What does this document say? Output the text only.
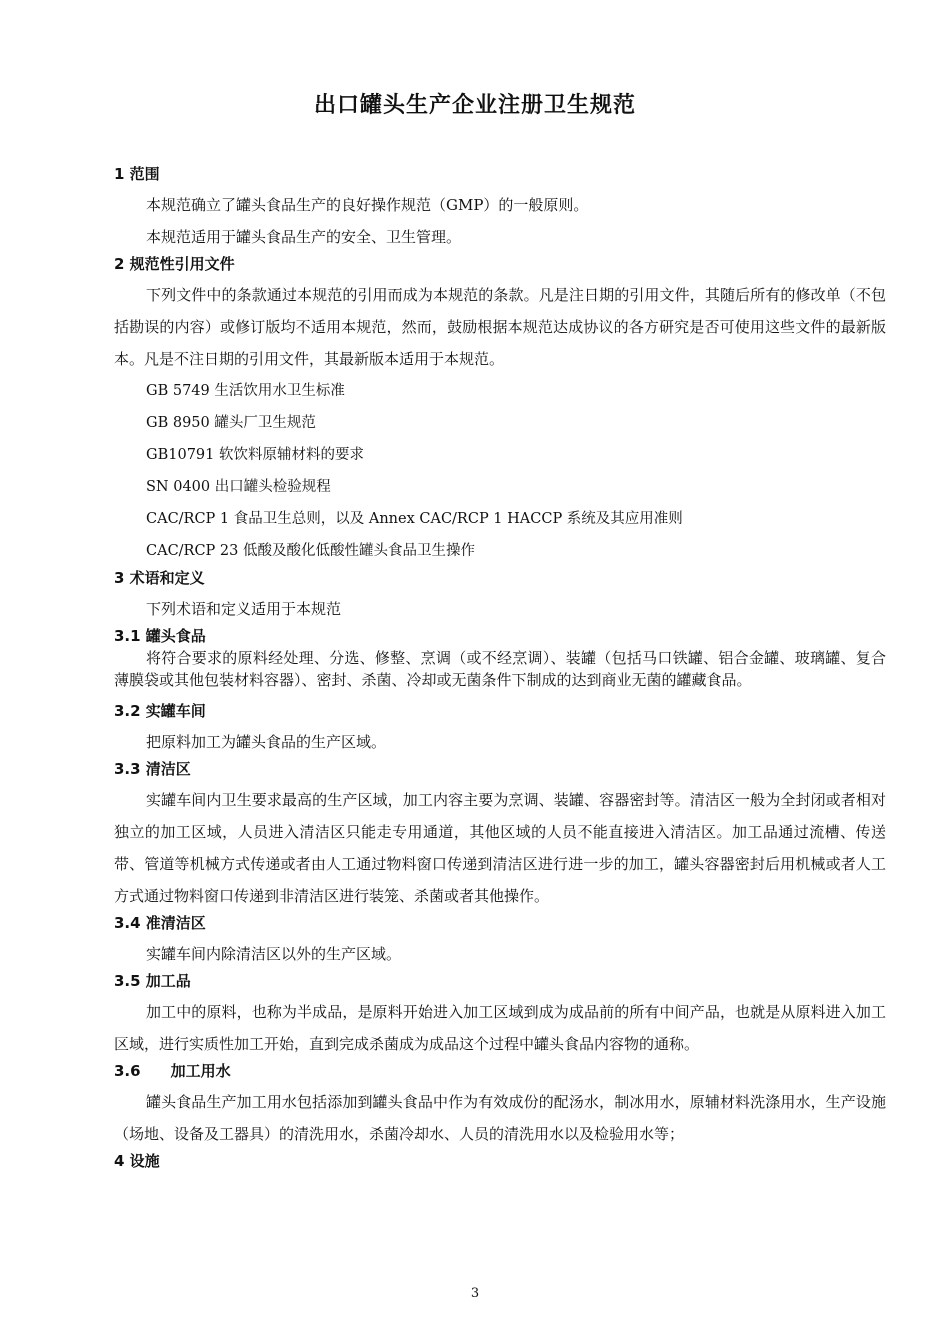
出口罐头生产企业注册卫生规范
1 范围

本规范确立了罐头食品生产的良好操作规范（GMP）的一般原则。

本规范适用于罐头食品生产的安全、卫生管理。

2 规范性引用文件

下列文件中的条款通过本规范的引用而成为本规范的条款。凡是注日期的引用文件，其随后所有的修改单（不包括勘误的内容）或修订版均不适用本规范，然而，鼓励根据本规范达成协议的各方研究是否可使用这些文件的最新版本。凡是不注日期的引用文件，其最新版本适用于本规范。

GB 5749 生活饮用水卫生标准

GB 8950 罐头厂卫生规范

GB10791 软饮料原辅材料的要求

SN 0400 出口罐头检验规程

CAC/RCP 1 食品卫生总则，以及 Annex CAC/RCP 1 HACCP 系统及其应用准则

CAC/RCP 23 低酸及酸化低酸性罐头食品卫生操作

3 术语和定义

下列术语和定义适用于本规范

3.1 罐头食品

将符合要求的原料经处理、分选、修整、烹调（或不经烹调）、装罐（包括马口铁罐、铝合金罐、玻璃罐、复合薄膜袋或其他包装材料容器）、密封、杀菌、冷却或无菌条件下制成的达到商业无菌的罐藏食品。

3.2 实罐车间

把原料加工为罐头食品的生产区域。

3.3 清洁区

实罐车间内卫生要求最高的生产区域，加工内容主要为烹调、装罐、容器密封等。清洁区一般为全封闭或者相对独立的加工区域，人员进入清洁区只能走专用通道，其他区域的人员不能直接进入清洁区。加工品通过流槽、传送带、管道等机械方式传递或者由人工通过物料窗口传递到清洁区进行进一步的加工，罐头容器密封后用机械或者人工方式通过物料窗口传递到非清洁区进行装笼、杀菌或者其他操作。

3.4 准清洁区

实罐车间内除清洁区以外的生产区域。

3.5 加工品

加工中的原料，也称为半成品，是原料开始进入加工区域到成为成品前的所有中间产品，也就是从原料进入加工区域，进行实质性加工开始，直到完成杀菌成为成品这个过程中罐头食品内容物的通称。

3.6　　加工用水

罐头食品生产加工用水包括添加到罐头食品中作为有效成份的配汤水，制冰用水，原辅材料洗涤用水，生产设施（场地、设备及工器具）的清洗用水，杀菌冷却水、人员的清洗用水以及检验用水等；

4 设施
3
